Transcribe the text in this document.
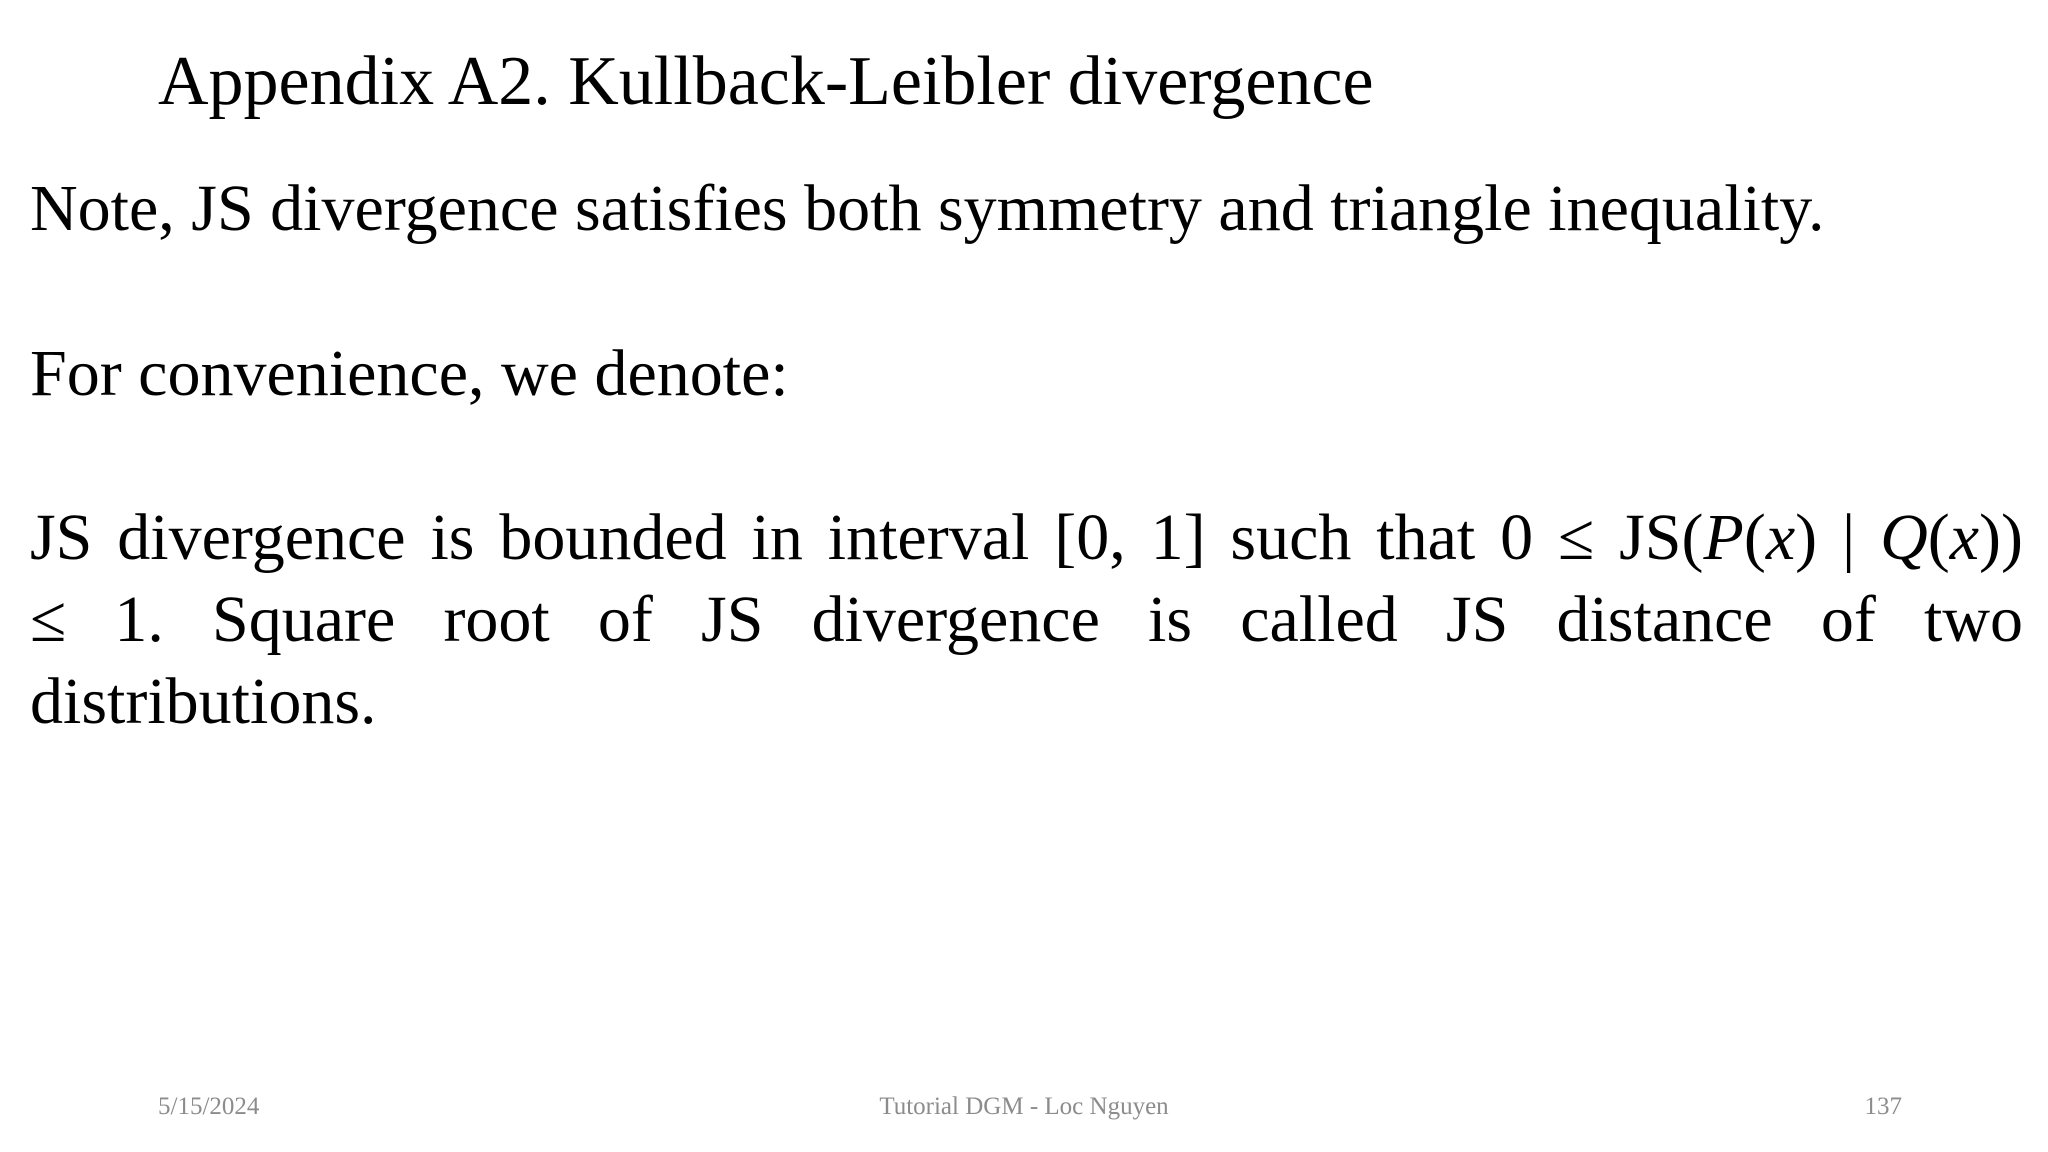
Appendix A2. Kullback-Leibler divergence

Note, JS divergence satisfies both symmetry and triangle inequality.

For convenience, we denote:

JS divergence is bounded in interval [0, 1] such that 0 ≤ JS(P(x) | Q(x))
≤ 1. Square root of JS divergence is called JS distance of two
distributions.
5/15/2024	Tutorial DGM - Loc Nguyen	137
